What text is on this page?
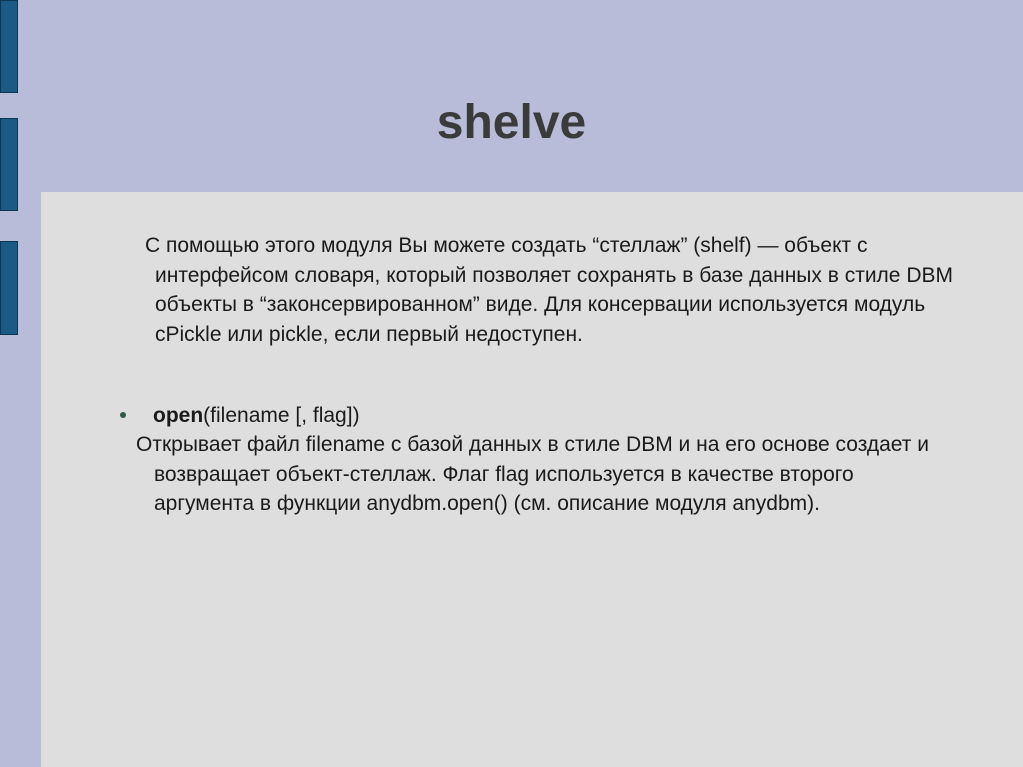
shelve
С помощью этого модуля Вы можете создать “стеллаж” (shelf) — объект с интерфейсом словаря, который позволяет сохранять в базе данных в стиле DBM объекты в “законсервированном” виде. Для консервации используется модуль cPickle или pickle, если первый недоступен.
open(filename [, flag])
Открывает файл filename с базой данных в стиле DBM и на его основе создает и возвращает объект-стеллаж. Флаг flag используется в качестве второго аргумента в функции anydbm.open() (см. описание модуля anydbm).
